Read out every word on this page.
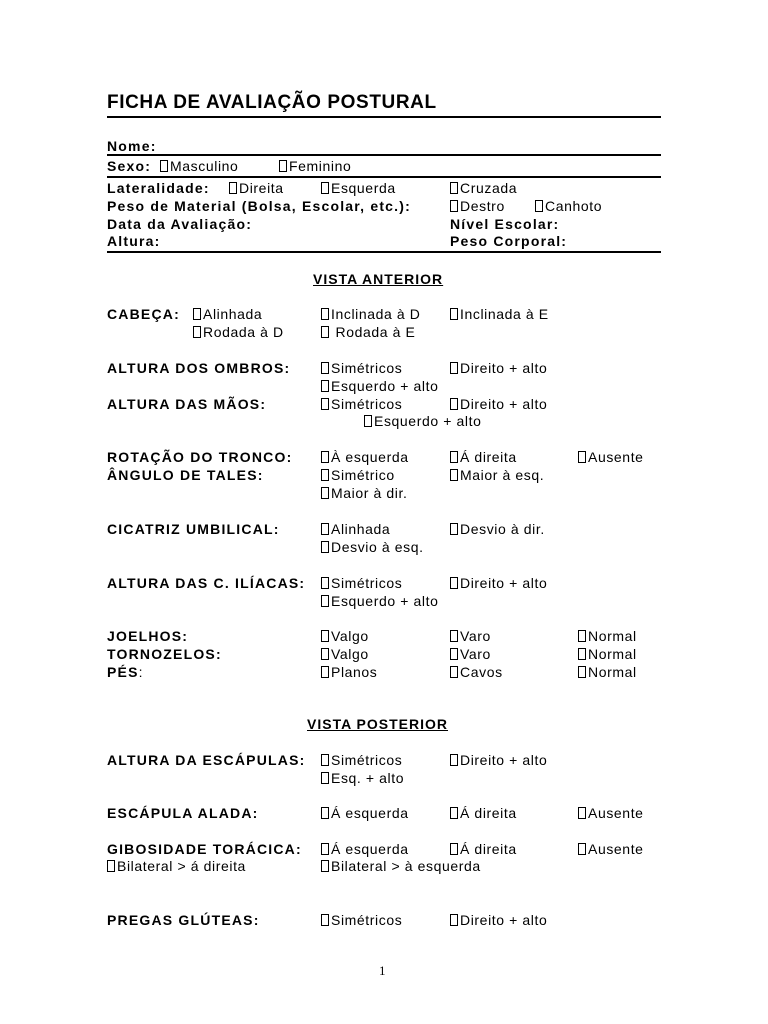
FICHA DE AVALIAÇÃO POSTURAL
Nome:
Sexo:	Masculino	Feminino
Lateralidade:	Direita	Esquerda	Cruzada
Peso de Material (Bolsa, Escolar, etc.):	Destro	Canhoto
Data da Avaliação:	Nível Escolar:
Altura:	Peso Corporal:
VISTA ANTERIOR
CABEÇA:	Alinhada	Inclinada à D	Inclinada à E
Rodada à D	Rodada à E
ALTURA DOS OMBROS:	Simétricos	Direito + alto
Esquerdo + alto
ALTURA DAS MÃOS:	Simétricos	Direito + alto
Esquerdo + alto
ROTAÇÃO DO TRONCO:	À esquerda	Á direita	Ausente
ÂNGULO DE TALES:	Simétrico	Maior à esq.
Maior à dir.
CICATRIZ UMBILICAL:	Alinhada	Desvio à dir.
Desvio à esq.
ALTURA DAS C. ILÍACAS:	Simétricos	Direito + alto
Esquerdo + alto
JOELHOS:	Valgo	Varo	Normal
TORNOZELOS:	Valgo	Varo	Normal
PÉS:	Planos	Cavos	Normal
VISTA POSTERIOR
ALTURA DA ESCÁPULAS:	Simétricos	Direito + alto
Esq. + alto
ESCÁPULA ALADA:	Á esquerda	Á direita	Ausente
GIBOSIDADE TORÁCICA:	Á esquerda	Á direita	Ausente
Bilateral > á direita	Bilateral > à esquerda
PREGAS GLÚTEAS:	Simétricos	Direito + alto
1
